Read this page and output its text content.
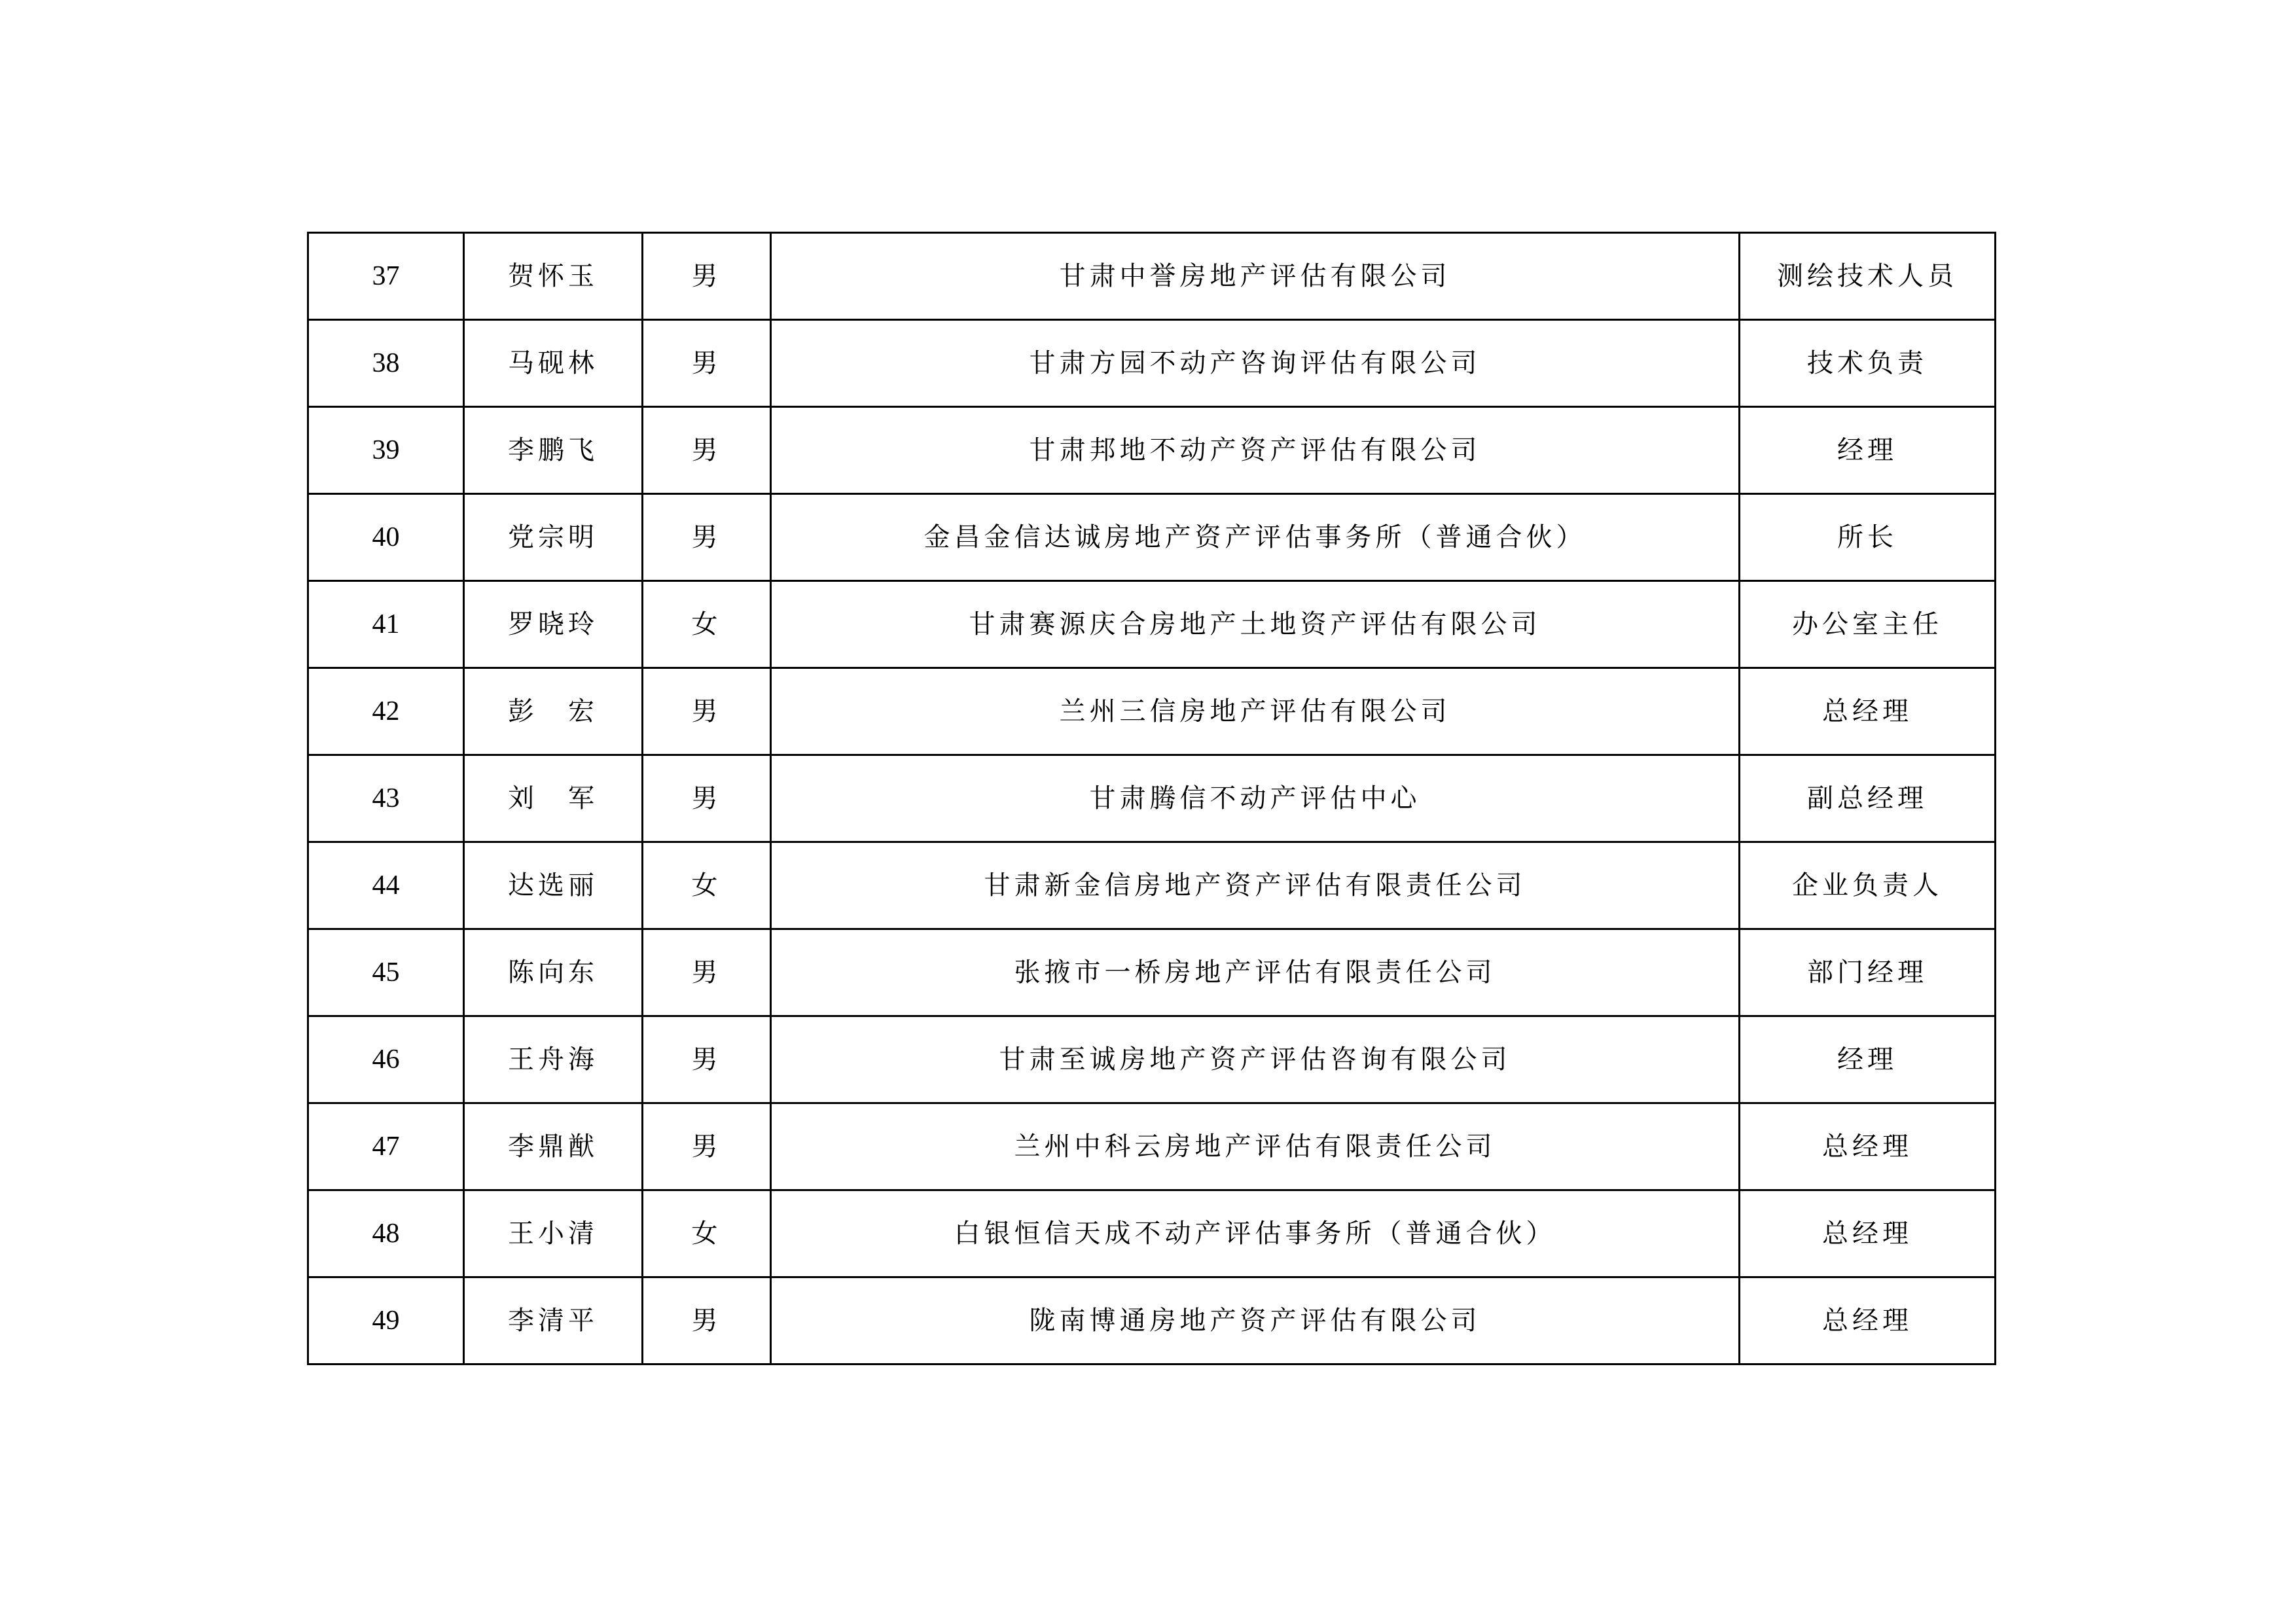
37	贺怀玉	男	甘肃中誉房地产评估有限公司	测绘技术人员
38	马砚林	男	甘肃方园不动产咨询评估有限公司	技术负责
39	李鹏飞	男	甘肃邦地不动产资产评估有限公司	经理
40	党宗明	男	金昌金信达诚房地产资产评估事务所（普通合伙）	所长
41	罗晓玲	女	甘肃赛源庆合房地产土地资产评估有限公司	办公室主任
42	彭　宏	男	兰州三信房地产评估有限公司	总经理
43	刘　军	男	甘肃腾信不动产评估中心	副总经理
44	达选丽	女	甘肃新金信房地产资产评估有限责任公司	企业负责人
45	陈向东	男	张掖市一桥房地产评估有限责任公司	部门经理
46	王舟海	男	甘肃至诚房地产资产评估咨询有限公司	经理
47	李鼎猷	男	兰州中科云房地产评估有限责任公司	总经理
48	王小清	女	白银恒信天成不动产评估事务所（普通合伙）	总经理
49	李清平	男	陇南博通房地产资产评估有限公司	总经理
